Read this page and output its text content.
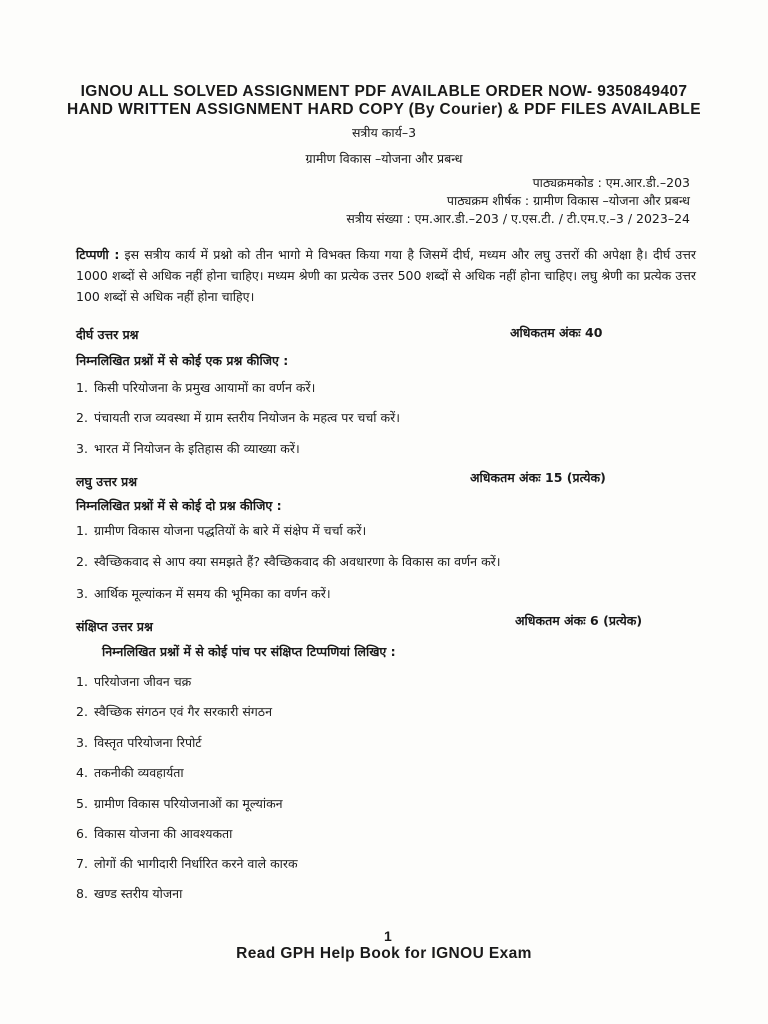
IGNOU ALL SOLVED ASSIGNMENT PDF AVAILABLE ORDER NOW- 9350849407
HAND WRITTEN ASSIGNMENT HARD COPY (By Courier) & PDF FILES AVAILABLE
सत्रीय कार्य–3
ग्रामीण विकास –योजना और प्रबन्ध
पाठ्यक्रमकोड : एम.आर.डी.–203
पाठ्यक्रम शीर्षक : ग्रामीण विकास –योजना और प्रबन्ध
सत्रीय संख्या : एम.आर.डी.–203 / ए.एस.टी. / टी.एम.ए.–3 / 2023–24
टिप्पणी : इस सत्रीय कार्य में प्रश्नो को तीन भागो मे विभक्त किया गया है जिसमें दीर्घ, मध्यम और लघु उत्तरों की अपेक्षा है। दीर्घ उत्तर 1000 शब्दों से अधिक नहीं होना चाहिए। मध्यम श्रेणी का प्रत्येक उत्तर 500 शब्दों से अधिक नहीं होना चाहिए। लघु श्रेणी का प्रत्येक उत्तर 100 शब्दों से अधिक नहीं होना चाहिए।
दीर्घ उत्तर प्रश्न	अधिकतम अंकः 40
निम्नलिखित प्रश्नों में से कोई एक प्रश्न कीजिए :
1. किसी परियोजना के प्रमुख आयामों का वर्णन करें।
2. पंचायती राज व्यवस्था में ग्राम स्तरीय नियोजन के महत्व पर चर्चा करें।
3. भारत में नियोजन के इतिहास की व्याख्या करें।
लघु उत्तर प्रश्न	अधिकतम अंकः 15 (प्रत्येक)
निम्नलिखित प्रश्नों में से कोई दो प्रश्न कीजिए :
1. ग्रामीण विकास योजना पद्धतियों के बारे में संक्षेप में चर्चा करें।
2. स्वैच्छिकवाद से आप क्या समझते हैं? स्वैच्छिकवाद की अवधारणा के विकास का वर्णन करें।
3. आर्थिक मूल्यांकन में समय की भूमिका का वर्णन करें।
संक्षिप्त उत्तर प्रश्न	अधिकतम अंकः 6 (प्रत्येक)
निम्नलिखित प्रश्नों में से कोई पांच पर संक्षिप्त टिप्पणियां लिखिए :
1. परियोजना जीवन चक्र
2. स्वैच्छिक संगठन एवं गैर सरकारी संगठन
3. विस्तृत परियोजना रिपोर्ट
4. तकनीकी व्यवहार्यता
5. ग्रामीण विकास परियोजनाओं का मूल्यांकन
6. विकास योजना की आवश्यकता
7. लोगों की भागीदारी निर्धारित करने वाले कारक
8. खण्ड स्तरीय योजना
1
Read GPH Help Book for IGNOU Exam
